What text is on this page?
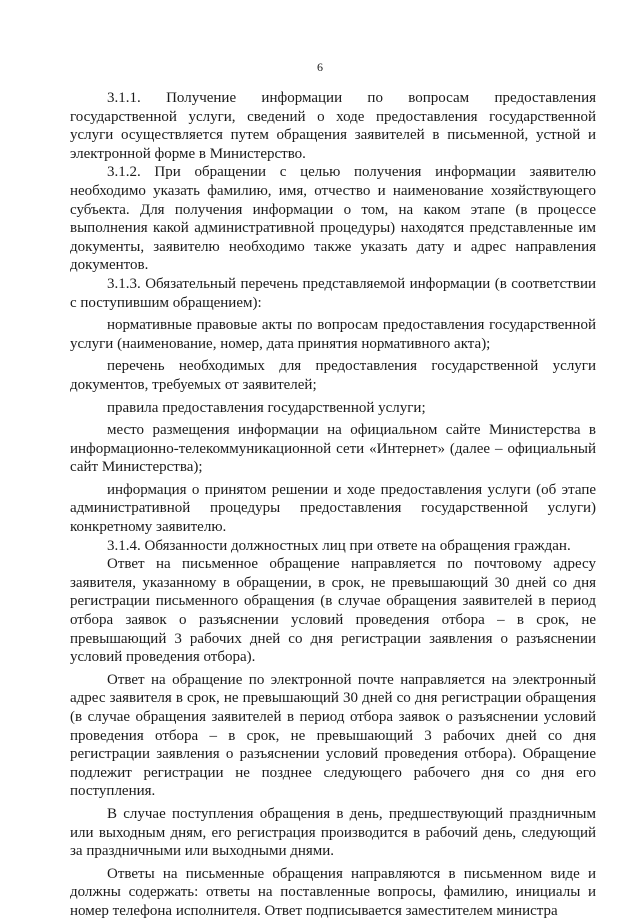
6

3.1.1. Получение информации по вопросам предоставления государственной услуги, сведений о ходе предоставления государственной услуги осуществляется путем обращения заявителей в письменной, устной и электронной форме в Министерство.

3.1.2. При обращении с целью получения информации заявителю необходимо указать фамилию, имя, отчество и наименование хозяйствующего субъекта. Для получения информации о том, на каком этапе (в процессе выполнения какой административной процедуры) находятся представленные им документы, заявителю необходимо также указать дату и адрес направления документов.

3.1.3. Обязательный перечень представляемой информации (в соответствии с поступившим обращением):

нормативные правовые акты по вопросам предоставления государственной услуги (наименование, номер, дата принятия нормативного акта);

перечень необходимых для предоставления государственной услуги документов, требуемых от заявителей;

правила предоставления государственной услуги;

место размещения информации на официальном сайте Министерства в информационно-телекоммуникационной сети «Интернет» (далее – официальный сайт Министерства);

информация о принятом решении и ходе предоставления услуги (об этапе административной процедуры предоставления государственной услуги) конкретному заявителю.

3.1.4. Обязанности должностных лиц при ответе на обращения граждан.

Ответ на письменное обращение направляется по почтовому адресу заявителя, указанному в обращении, в срок, не превышающий 30 дней со дня регистрации письменного обращения (в случае обращения заявителей в период отбора заявок о разъяснении условий проведения отбора – в срок, не превышающий 3 рабочих дней со дня регистрации заявления о разъяснении условий проведения отбора).

Ответ на обращение по электронной почте направляется на электронный адрес заявителя в срок, не превышающий 30 дней со дня регистрации обращения (в случае обращения заявителей в период отбора заявок о разъяснении условий проведения отбора – в срок, не превышающий 3 рабочих дней со дня регистрации заявления о разъяснении условий проведения отбора). Обращение подлежит регистрации не позднее следующего рабочего дня со дня его поступления.

В случае поступления обращения в день, предшествующий праздничным или выходным дням, его регистрация производится в рабочий день, следующий за праздничными или выходными днями.

Ответы на письменные обращения направляются в письменном виде и должны содержать: ответы на поставленные вопросы, фамилию, инициалы и номер телефона исполнителя. Ответ подписывается заместителем министра
